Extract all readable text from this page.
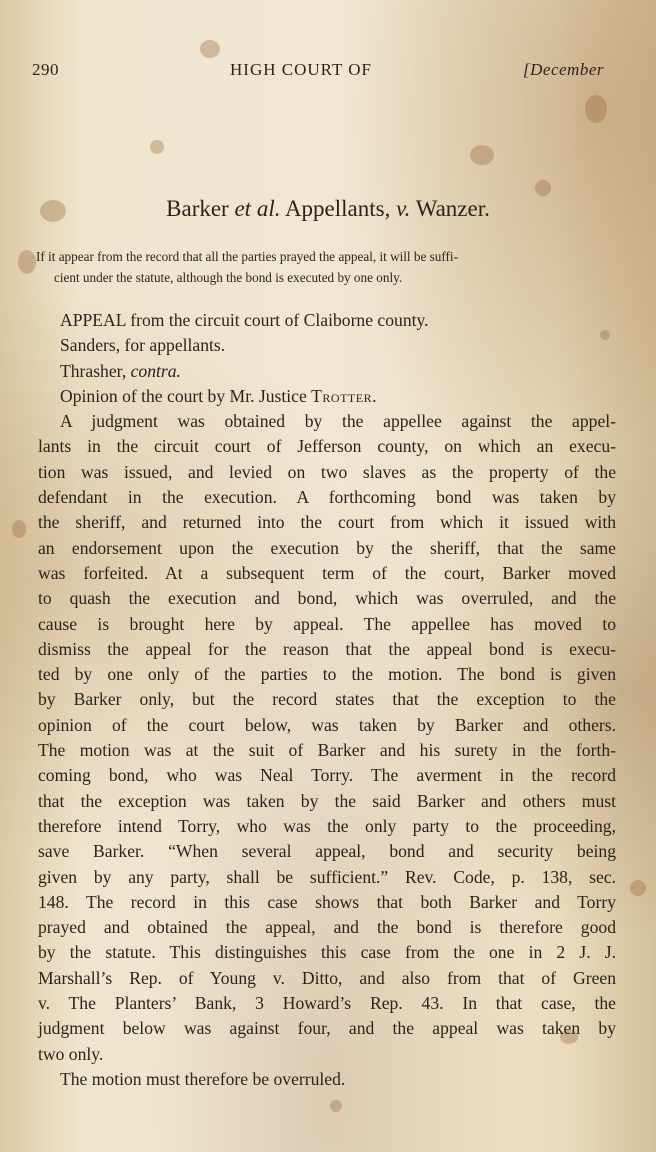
290	HIGH COURT OF	[December
Barker et al. Appellants, v. Wanzer.
If it appear from the record that all the parties prayed the appeal, it will be suffi-
cient under the statute, although the bond is executed by one only.
APPEAL from the circuit court of Claiborne county.
Sanders, for appellants.
Thrasher, contra.
Opinion of the court by Mr. Justice Trotter.
A judgment was obtained by the appellee against the appel-
lants in the circuit court of Jefferson county, on which an execu-
tion was issued, and levied on two slaves as the property of the
defendant in the execution. A forthcoming bond was taken by
the sheriff, and returned into the court from which it issued with
an endorsement upon the execution by the sheriff, that the same
was forfeited. At a subsequent term of the court, Barker moved
to quash the execution and bond, which was overruled, and the
cause is brought here by appeal. The appellee has moved to
dismiss the appeal for the reason that the appeal bond is execu-
ted by one only of the parties to the motion. The bond is given
by Barker only, but the record states that the exception to the
opinion of the court below, was taken by Barker and others.
The motion was at the suit of Barker and his surety in the forth-
coming bond, who was Neal Torry. The averment in the record
that the exception was taken by the said Barker and others must
therefore intend Torry, who was the only party to the proceeding,
save Barker. “When several appeal, bond and security being
given by any party, shall be sufficient.” Rev. Code, p. 138, sec.
148. The record in this case shows that both Barker and Torry
prayed and obtained the appeal, and the bond is therefore good
by the statute. This distinguishes this case from the one in 2 J. J.
Marshall’s Rep. of Young v. Ditto, and also from that of Green
v. The Planters’ Bank, 3 Howard’s Rep. 43. In that case, the
judgment below was against four, and the appeal was taken by
two only.
The motion must therefore be overruled.
